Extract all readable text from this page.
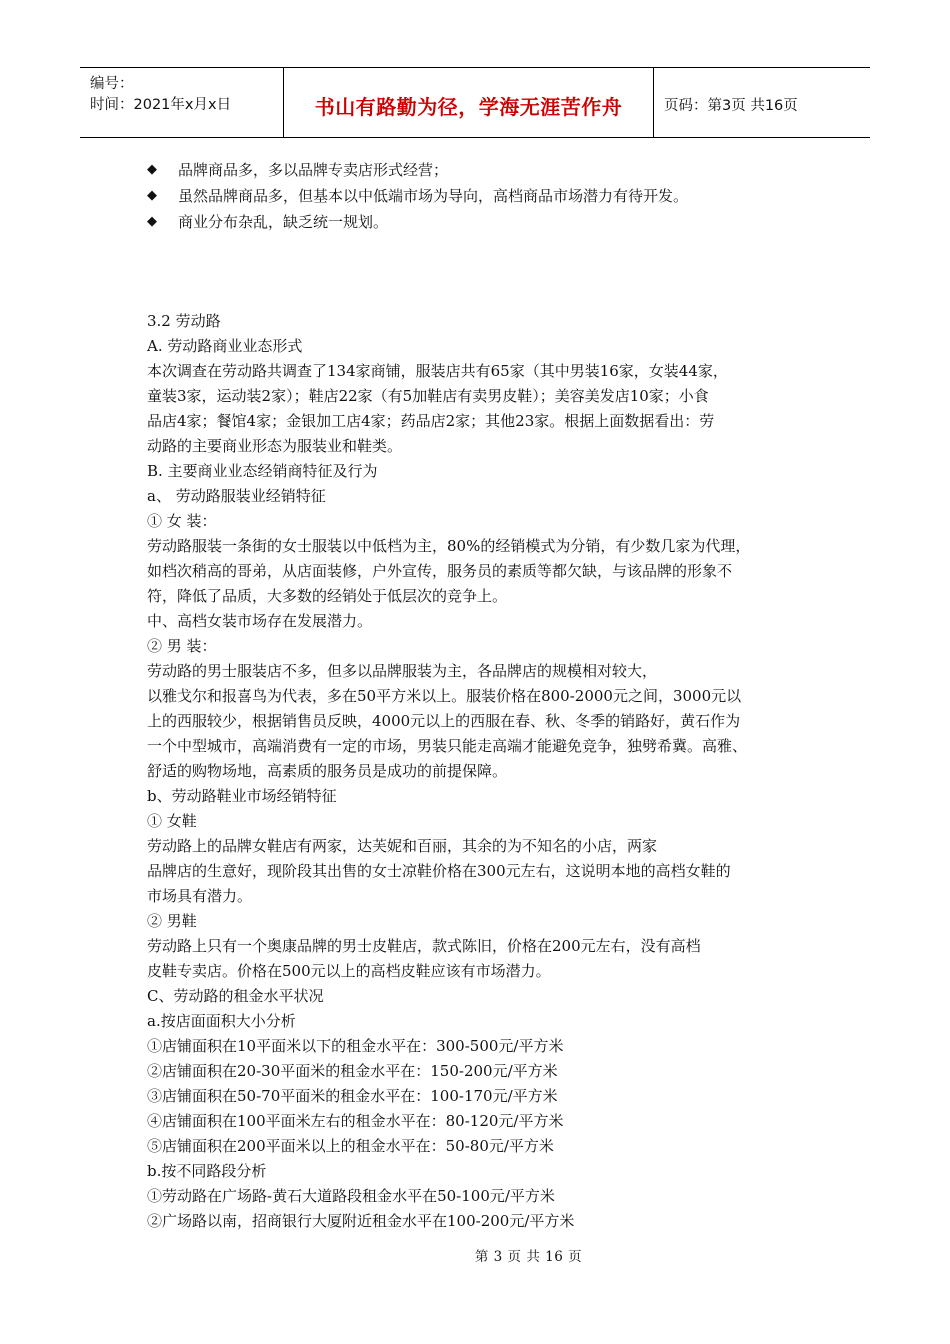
编号：
时间：2021年x月x日	书山有路勤为径，学海无涯苦作舟	页码：第3页 共16页
◆ 品牌商品多，多以品牌专卖店形式经营；
◆ 虽然品牌商品多，但基本以中低端市场为导向，高档商品市场潜力有待开发。
◆ 商业分布杂乱，缺乏统一规划。
3.2 劳动路
A. 劳动路商业业态形式
本次调查在劳动路共调查了134家商铺，服装店共有65家（其中男装16家，女装44家，
童装3家，运动装2家）；鞋店22家（有5加鞋店有卖男皮鞋）；美容美发店10家；小食
品店4家；餐馆4家；金银加工店4家；药品店2家；其他23家。根据上面数据看出：劳
动路的主要商业形态为服装业和鞋类。
B. 主要商业业态经销商特征及行为
a、 劳动路服装业经销特征
① 女 装：
劳动路服装一条街的女士服装以中低档为主，80%的经销模式为分销，有少数几家为代理，
如档次稍高的哥弟，从店面装修，户外宣传，服务员的素质等都欠缺，与该品牌的形象不
符，降低了品质，大多数的经销处于低层次的竞争上。
中、高档女装市场存在发展潜力。
② 男 装：
劳动路的男士服装店不多，但多以品牌服装为主，各品牌店的规模相对较大，
以雅戈尔和报喜鸟为代表，多在50平方米以上。服装价格在800-2000元之间，3000元以
上的西服较少，根据销售员反映，4000元以上的西服在春、秋、冬季的销路好，黄石作为
一个中型城市，高端消费有一定的市场，男装只能走高端才能避免竞争，独劈希冀。高雅、
舒适的购物场地，高素质的服务员是成功的前提保障。
b、劳动路鞋业市场经销特征
① 女鞋
劳动路上的品牌女鞋店有两家，达芙妮和百丽，其余的为不知名的小店，两家
品牌店的生意好，现阶段其出售的女士凉鞋价格在300元左右，这说明本地的高档女鞋的
市场具有潜力。
② 男鞋
劳动路上只有一个奥康品牌的男士皮鞋店，款式陈旧，价格在200元左右，没有高档
皮鞋专卖店。价格在500元以上的高档皮鞋应该有市场潜力。
C、劳动路的租金水平状况
a.按店面面积大小分析
①店铺面积在10平面米以下的租金水平在：300-500元/平方米
②店铺面积在20-30平面米的租金水平在：150-200元/平方米
③店铺面积在50-70平面米的租金水平在：100-170元/平方米
④店铺面积在100平面米左右的租金水平在：80-120元/平方米
⑤店铺面积在200平面米以上的租金水平在：50-80元/平方米
b.按不同路段分析
①劳动路在广场路-黄石大道路段租金水平在50-100元/平方米
②广场路以南，招商银行大厦附近租金水平在100-200元/平方米
第 3 页 共 16 页
